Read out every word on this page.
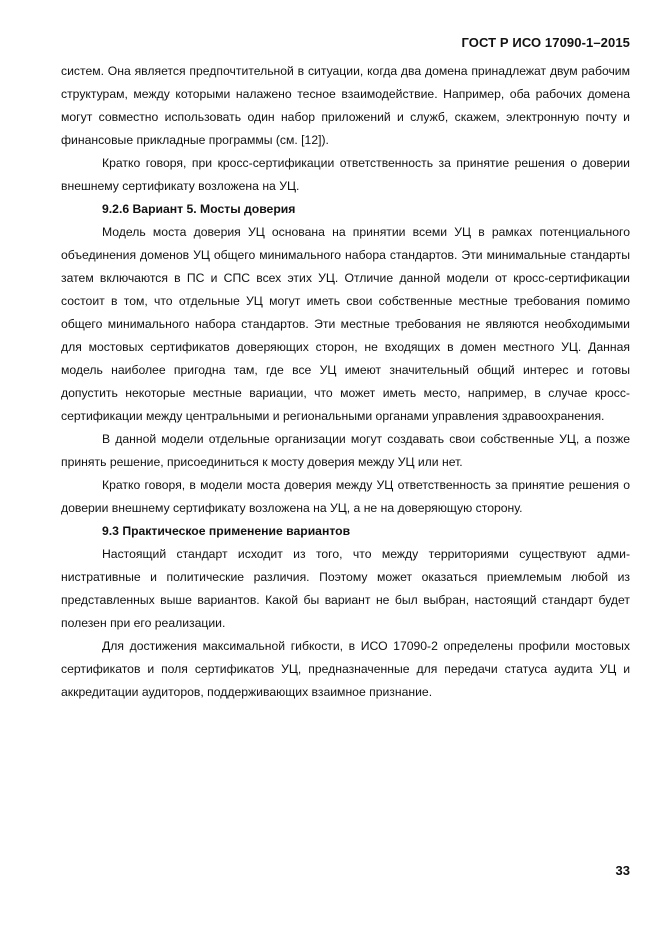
ГОСТ Р ИСО 17090-1–2015

систем. Она является предпочтительной в ситуации, когда два домена принадлежат двум рабочим структурам, между которыми налажено тесное взаимодействие. Например, оба рабочих домена могут совместно использовать один набор приложений и служб, скажем, электронную почту и финансовые прикладные программы (см. [12]).

Кратко говоря, при кросс-сертификации ответственность за принятие решения о доверии внешнему сертификату возложена на УЦ.

9.2.6 Вариант 5. Мосты доверия

Модель моста доверия УЦ основана на принятии всеми УЦ в рамках потенциального объединения доменов УЦ общего минимального набора стандартов. Эти минимальные стандарты затем включаются в ПС и СПС всех этих УЦ. Отличие данной модели от кросс-сертификации состоит в том, что отдельные УЦ могут иметь свои собственные местные требования помимо общего минимального набора стандартов. Эти местные требования не являются необходимыми для мостовых сертификатов доверяющих сторон, не входящих в домен местного УЦ. Данная модель наиболее пригодна там, где все УЦ имеют значительный общий интерес и готовы допустить некоторые местные вариации, что может иметь место, например, в случае кросс-сертификации между центральными и региональными органами управления здравоохранения.

В данной модели отдельные организации могут создавать свои собственные УЦ, а позже принять решение, присоединиться к мосту доверия между УЦ или нет.

Кратко говоря, в модели моста доверия между УЦ ответственность за принятие решения о доверии внешнему сертификату возложена на УЦ, а не на доверяющую сторону.

9.3 Практическое применение вариантов

Настоящий стандарт исходит из того, что между территориями существуют административные и политические различия. Поэтому может оказаться приемлемым любой из представленных выше вариантов. Какой бы вариант не был выбран, настоящий стандарт будет полезен при его реализации.

Для достижения максимальной гибкости, в ИСО 17090-2 определены профили мостовых сертификатов и поля сертификатов УЦ, предназначенные для передачи статуса аудита УЦ и аккредитации аудиторов, поддерживающих взаимное признание.

33
